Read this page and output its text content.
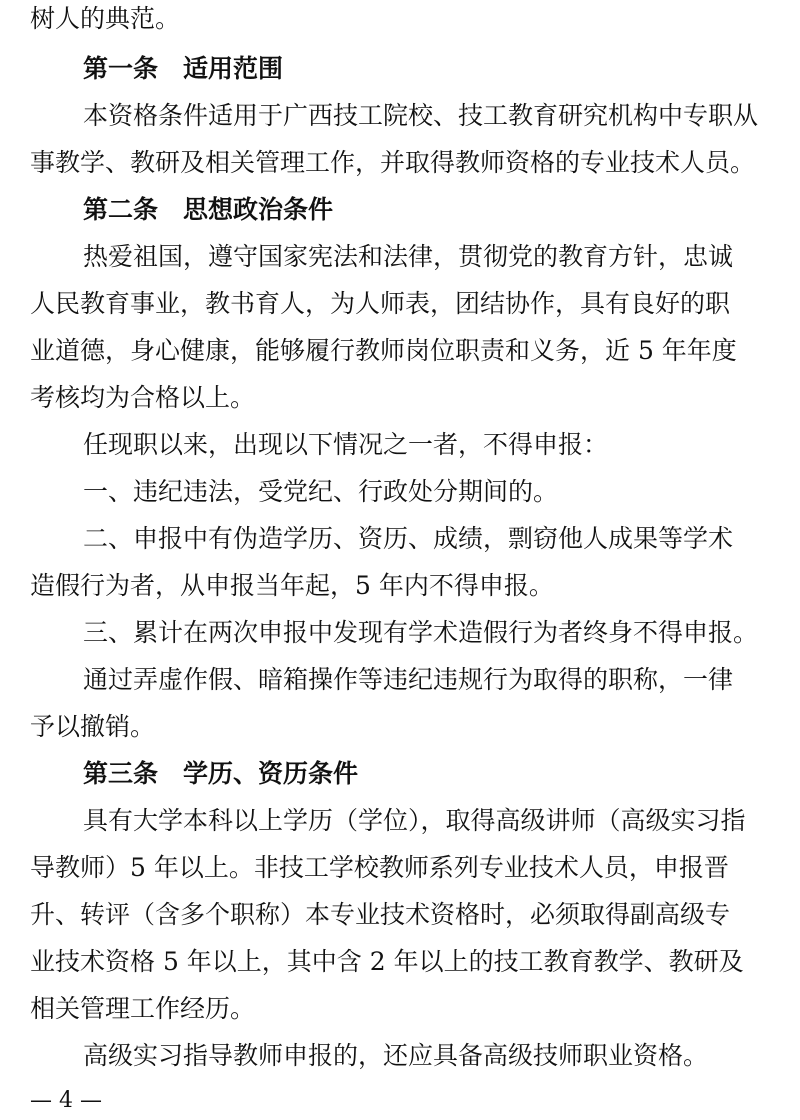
树人的典范。

第一条　适用范围

本资格条件适用于广西技工院校、技工教育研究机构中专职从

事教学、教研及相关管理工作，并取得教师资格的专业技术人员。

第二条　思想政治条件

热爱祖国，遵守国家宪法和法律，贯彻党的教育方针，忠诚

人民教育事业，教书育人，为人师表，团结协作，具有良好的职

业道德，身心健康，能够履行教师岗位职责和义务，近 5 年年度

考核均为合格以上。

任现职以来，出现以下情况之一者，不得申报：

一、违纪违法，受党纪、行政处分期间的。

二、申报中有伪造学历、资历、成绩，剽窃他人成果等学术

造假行为者，从申报当年起，5 年内不得申报。

三、累计在两次申报中发现有学术造假行为者终身不得申报。

通过弄虚作假、暗箱操作等违纪违规行为取得的职称，一律

予以撤销。

第三条　学历、资历条件

具有大学本科以上学历（学位），取得高级讲师（高级实习指

导教师）5 年以上。非技工学校教师系列专业技术人员，申报晋

升、转评（含多个职称）本专业技术资格时，必须取得副高级专

业技术资格 5 年以上，其中含 2 年以上的技工教育教学、教研及

相关管理工作经历。

高级实习指导教师申报的，还应具备高级技师职业资格。

— 4 —
